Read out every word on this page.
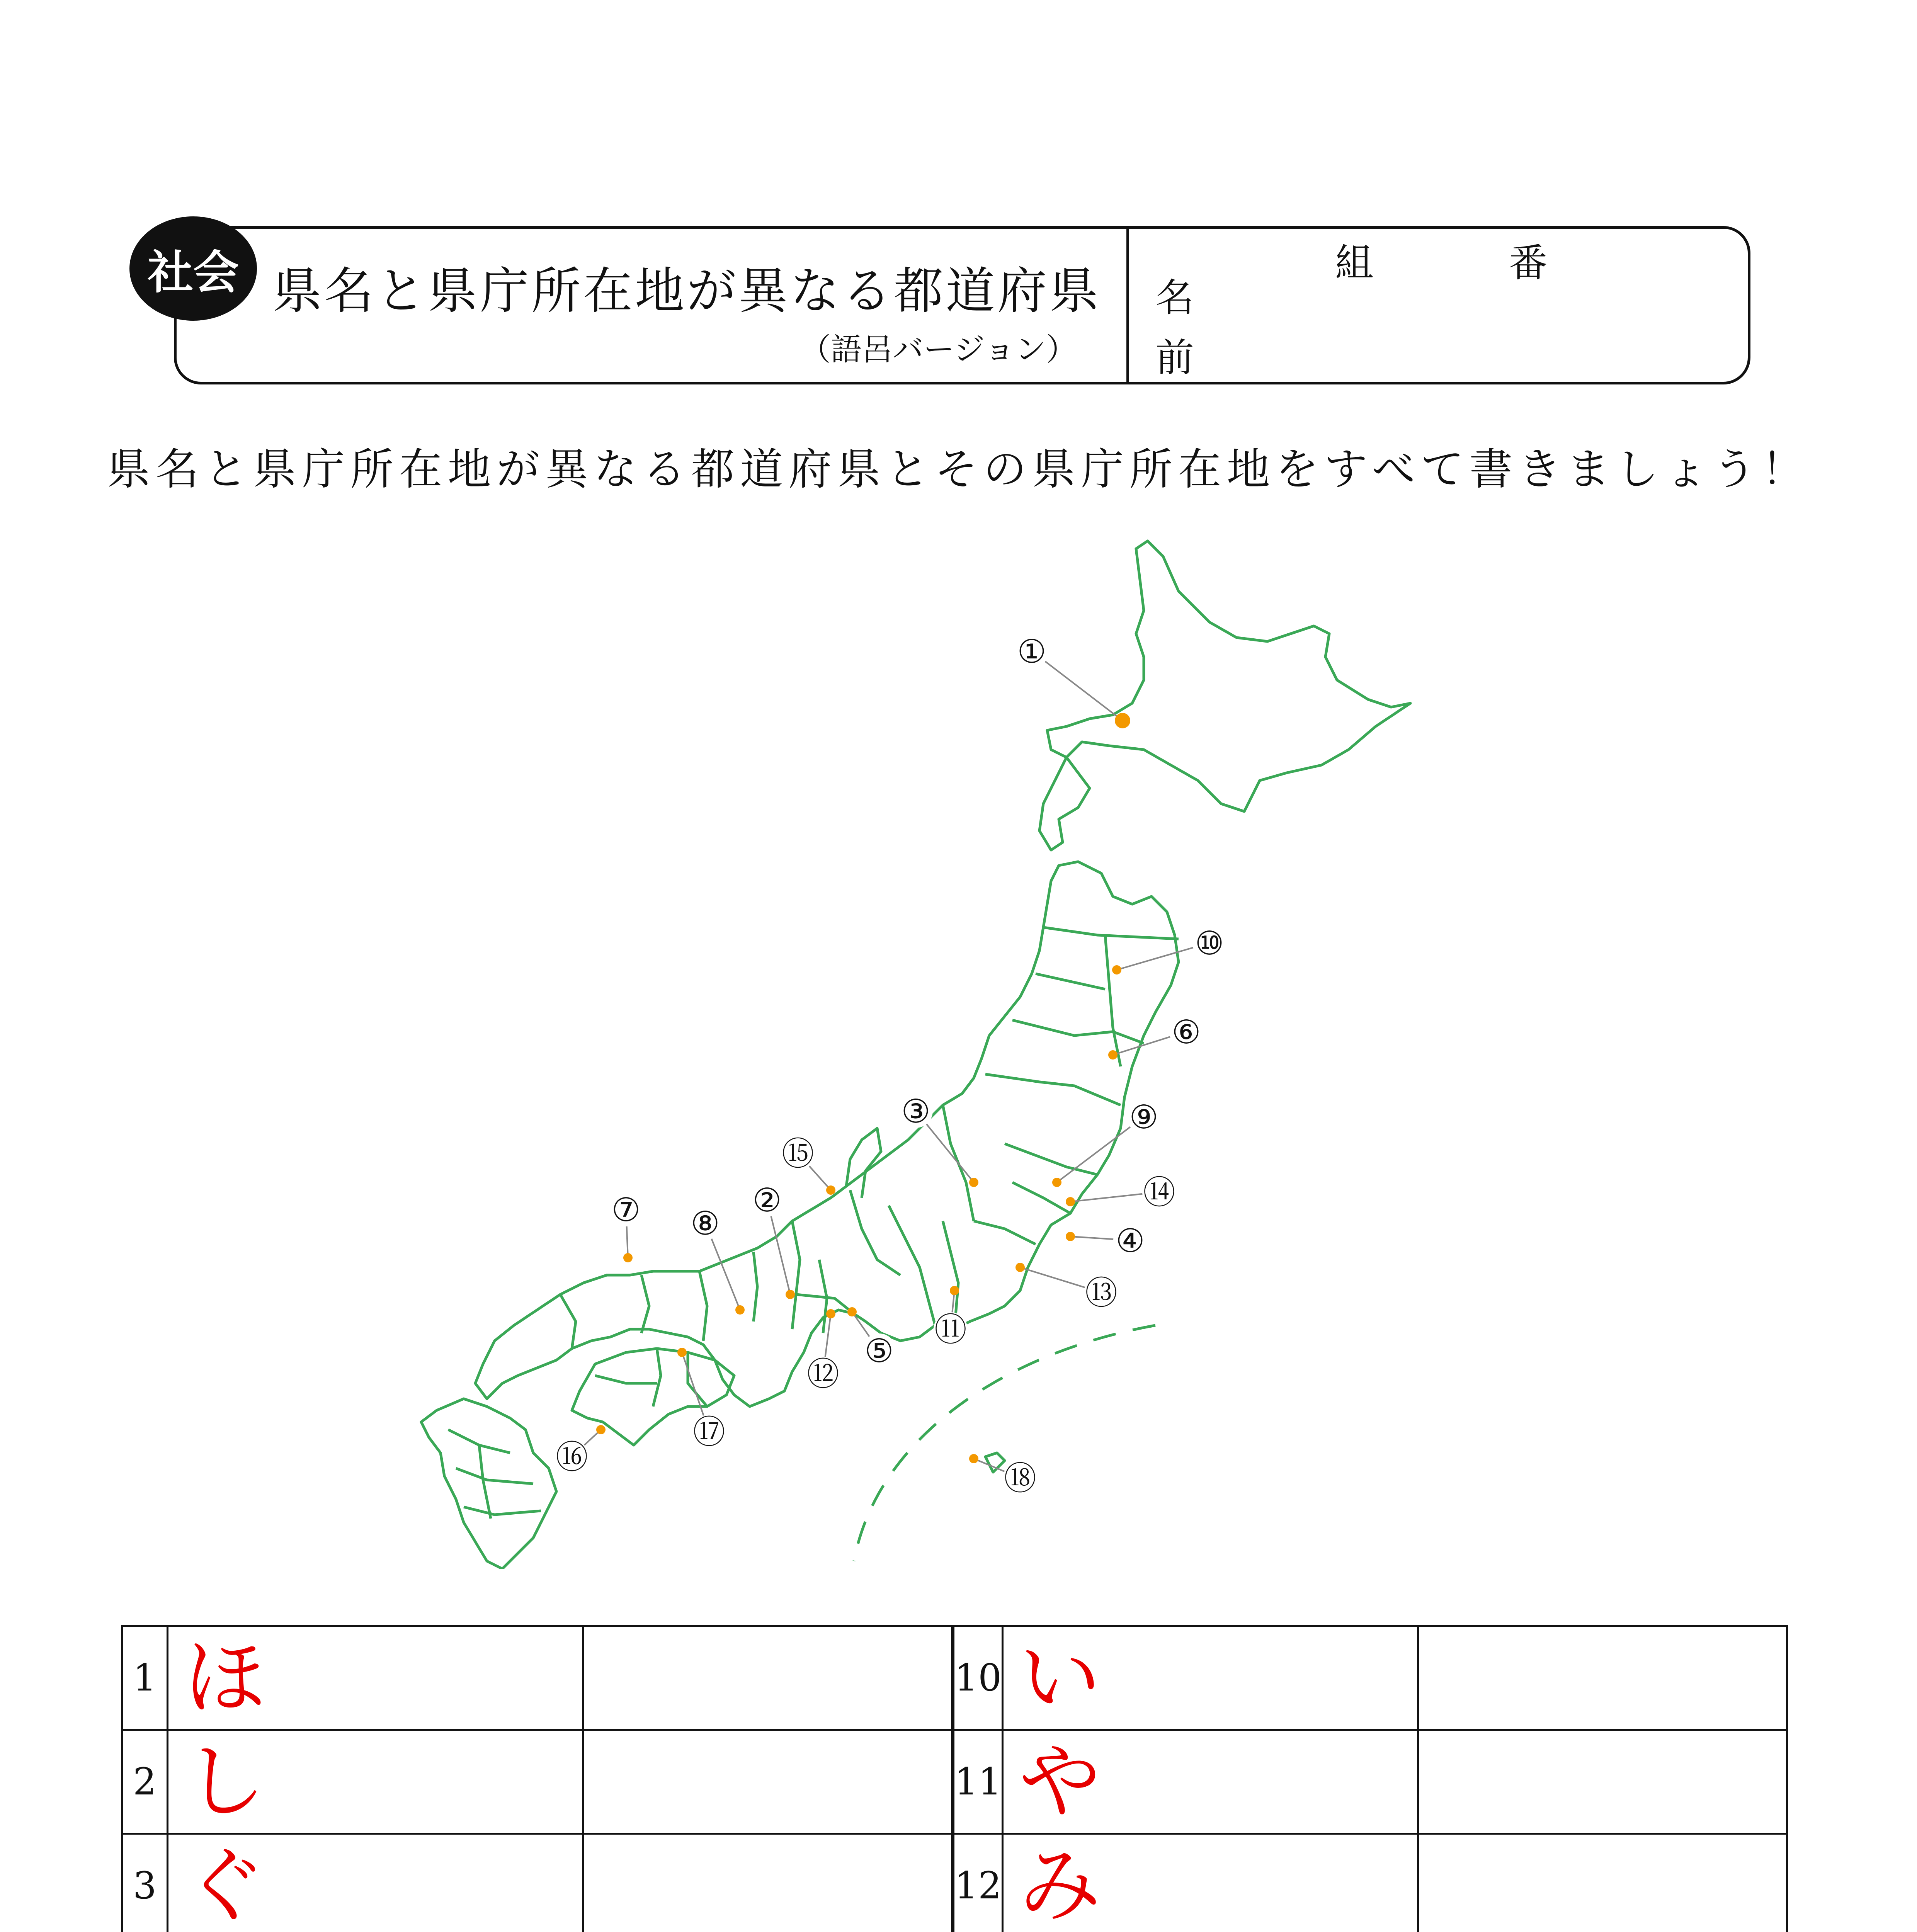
社会 県名と県庁所在地が異なる都道府県
（語呂バージョン）
組	番
名
前
県名と県庁所在地が異なる都道府県とその県庁所在地をすべて書きましょう！
①
②
③
④
⑤
⑥
⑦ ⑧
⑨
⑩
⑪
⑫
⑬
⑭
⑮
⑯
⑰
⑱
1	ほ	
2	し	
3	ぐ	

10	い	
11	や	
12	み	
